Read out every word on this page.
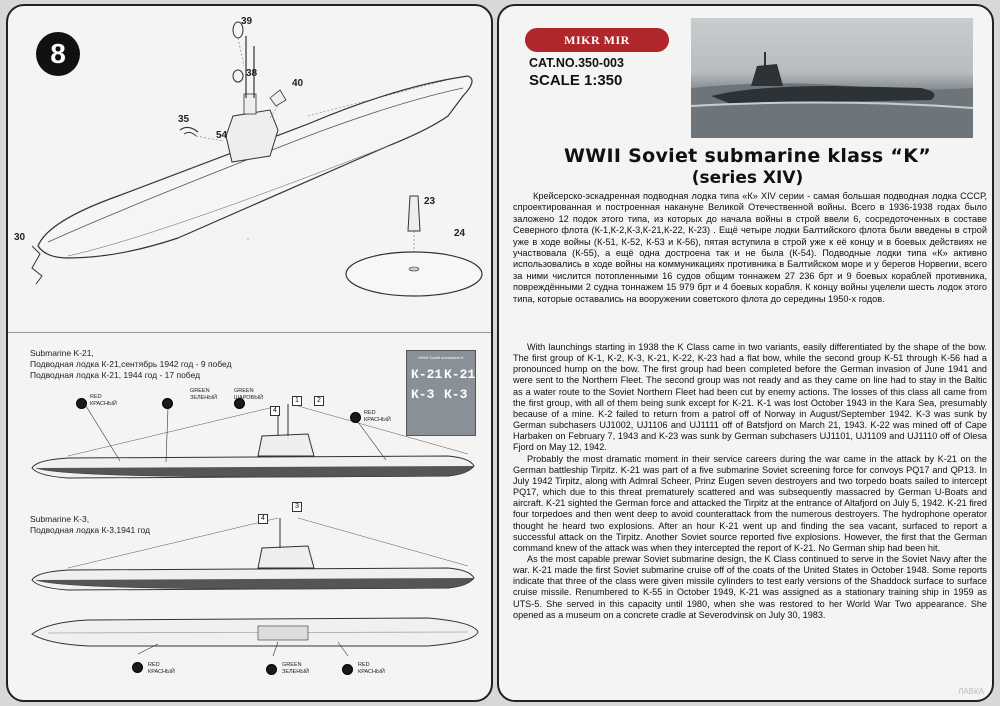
8
39
38
40
35
54
30
23
24
Submarine K-21,
Подводная лодка К-21,сентябрь 1942 год - 9 побед
Подводная лодка К-21, 1944 год - 17 побед
Submarine K-3,
Подводная лодка К-3,1941 год
WWII Soviet submarine K
К-21 К-21
К-3 К-3
RED
КРАСНЫЙ
GREEN
ЗЕЛЕНЫЙ
GREEN
ШАРОВЫЙ
RED
КРАСНЫЙ
4
1	2
4
3
RED
КРАСНЫЙ
GREEN
ЗЕЛЕНЫЙ
RED
КРАСНЫЙ
MIKR MIR
CAT.NO.350-003
SCALE 1:350
WWII Soviet submarine klass “K”
(series XIV)

Крейсерско-эскадренная подводная лодка типа «К» XIV серии - самая большая подводная лодка СССР, спроектированная и построенная накануне Великой Отечественной войны. Всего в 1936-1938 годах было заложено 12 подок этого типа, из которых до начала войны в строй ввели 6, сосредоточенных в составе Северного флота (К-1,К-2,К-3,К-21,К-22, К-23) . Ещё четыре лодки Балтийского флота были введены в строй уже в ходе войны (К-51, К-52, К-53 и К-56), пятая вступила в строй уже к её концу и в боевых действиях не участвовала (К-55), а ещё одна достроена так и не была (К-54). Подводные лодки типа «К» активно использовались в ходе войны на коммуникациях противника в Балтийском море и у берегов Норвегии, всего за ними числится потопленными 16 судов общим тоннажем 27 236 брт и 9 боевых кораблей противника, повреждёнными 2 судна тоннажем 15 979 брт и 4 боевых корабля. К концу войны уцелели шесть лодок этого типа, которые оставались на вооружении советского флота до середины 1950-х годов.

With launchings starting in 1938 the K Class came in two variants, easily differentiated by the shape of the bow. The first group of K-1, K-2, K-3, K-21, K-22, K-23 had a flat bow, while the second group K-51 through K-56 had a pronounced hump on the bow. The first group had been completed before the German invasion of June 1941 and were sent to the Northern Fleet. The second group was not ready and as they came on line had to stay in the Baltic as a water route to the Soviet Northern Fleet had been cut by enemy actions. The losses of this class all came from the first group, with all of them being sunk except for K-21. K-1 was lost October 1943 in the Kara Sea, presumably because of a mine. K-2 failed to return from a patrol off of Norway in August/September 1942. K-3 was sunk by German subchasers UJ1002, UJ1106 and UJ1111 off of Batsfjord on March 21, 1943. K-22 was mined off of Cape Harbaken on February 7, 1943 and K-23 was sunk by German subchasers UJ1101, UJ1109 and UJ1110 off of Olesa Fjord on May 12, 1942.

Probably the most dramatic moment in their service careers during the war came in the attack by K-21 on the German battleship Tirpitz. K-21 was part of a five submarine Soviet screening force for convoys PQ17 and QP13. In July 1942 Tirpitz, along with Admral Scheer, Prinz Eugen seven destroyers and two torpedo boats sailed to intercept PQ17, which due to this threat prematurely scattered and was subsequently massacred by German U-Boats and aircraft. K-21 sighted the German force and attacked the Tirpitz at the entrance of Altafjord on July 5, 1942. K-21 fired four torpedoes and then went deep to avoid counterattack from the numerous destroyers. The hydrophone operator thought he heard two explosions. After an hour K-21 went up and finding the sea vacant, surfaced to report a successful attack on the Tirpitz. Another Soviet source reported five explosions. However, the first that the German command knew of the attack was when they intercepted the report of K-21. No German ship had been hit.

As the most capable prewar Soviet submarine design, the K Class continued to serve in the Soviet Navy after the war. K-21 made the first Soviet submarine cruise off of the coats of the United States in October 1948. Some reports indicate that three of the class were given missile cylinders to test early versions of the Shaddock surface to surface cruise missile. Renumbered to K-55 in October 1949, K-21 was assigned as a stationary training ship in 1959 as UTS-5. She served in this capacity until 1980, when she was restored to her World War Two appearance. She opened as a museum on a concrete cradle at Severodvinsk on July 30, 1983.

ЛАВКА
